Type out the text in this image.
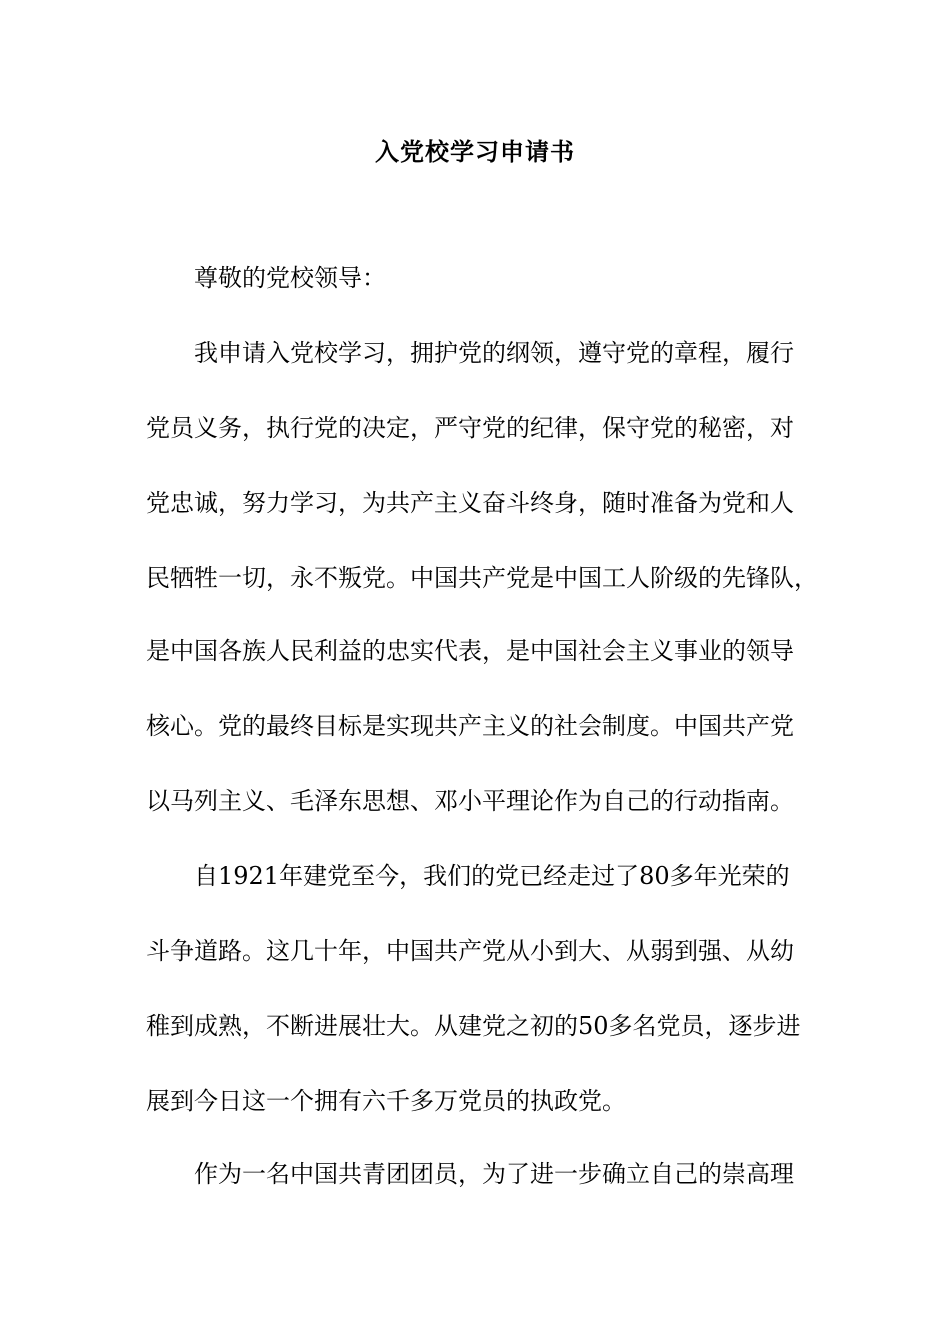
入党校学习申请书

尊敬的党校领导：

我申请入党校学习，拥护党的纲领，遵守党的章程，履行

党员义务，执行党的决定，严守党的纪律，保守党的秘密，对

党忠诚，努力学习，为共产主义奋斗终身，随时准备为党和人

民牺牲一切，永不叛党。中国共产党是中国工人阶级的先锋队，

是中国各族人民利益的忠实代表，是中国社会主义事业的领导

核心。党的最终目标是实现共产主义的社会制度。中国共产党

以马列主义、毛泽东思想、邓小平理论作为自己的行动指南。

自1921年建党至今，我们的党已经走过了80多年光荣的

斗争道路。这几十年，中国共产党从小到大、从弱到强、从幼

稚到成熟，不断进展壮大。从建党之初的50多名党员，逐步进

展到今日这一个拥有六千多万党员的执政党。

作为一名中国共青团团员，为了进一步确立自己的崇高理
